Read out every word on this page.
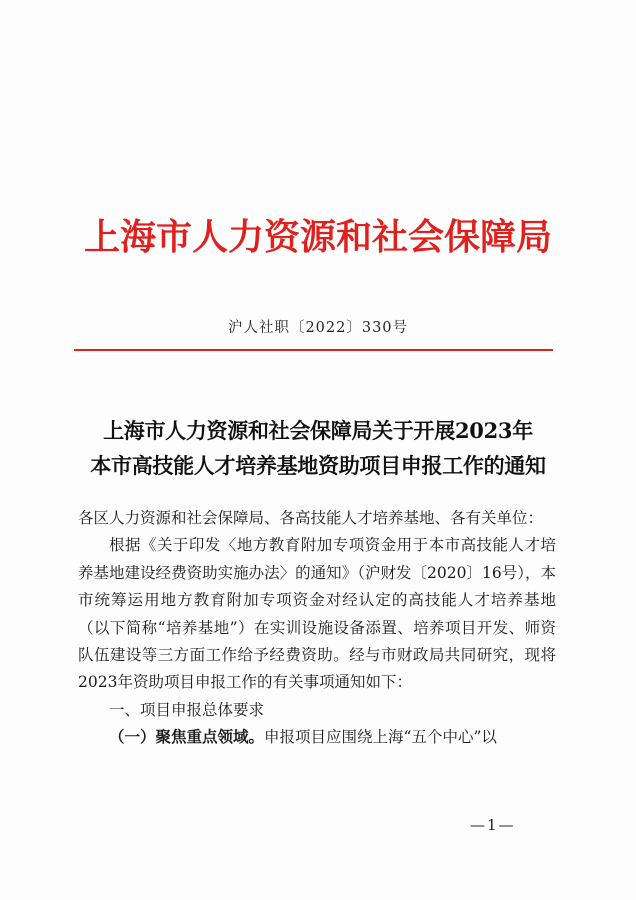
上海市人力资源和社会保障局
沪人社职〔2022〕330号
上海市人力资源和社会保障局关于开展2023年
本市高技能人才培养基地资助项目申报工作的通知

各区人力资源和社会保障局、各高技能人才培养基地、各有关单位：

根据《关于印发〈地方教育附加专项资金用于本市高技能人才培养基地建设经费资助实施办法〉的通知》（沪财发〔2020〕16号），本市统筹运用地方教育附加专项资金对经认定的高技能人才培养基地（以下简称“培养基地”）在实训设施设备添置、培养项目开发、师资队伍建设等三方面工作给予经费资助。经与市财政局共同研究，现将2023年资助项目申报工作的有关事项通知如下：

一、项目申报总体要求

（一）聚焦重点领域。申报项目应围绕上海“五个中心”以

—1—
